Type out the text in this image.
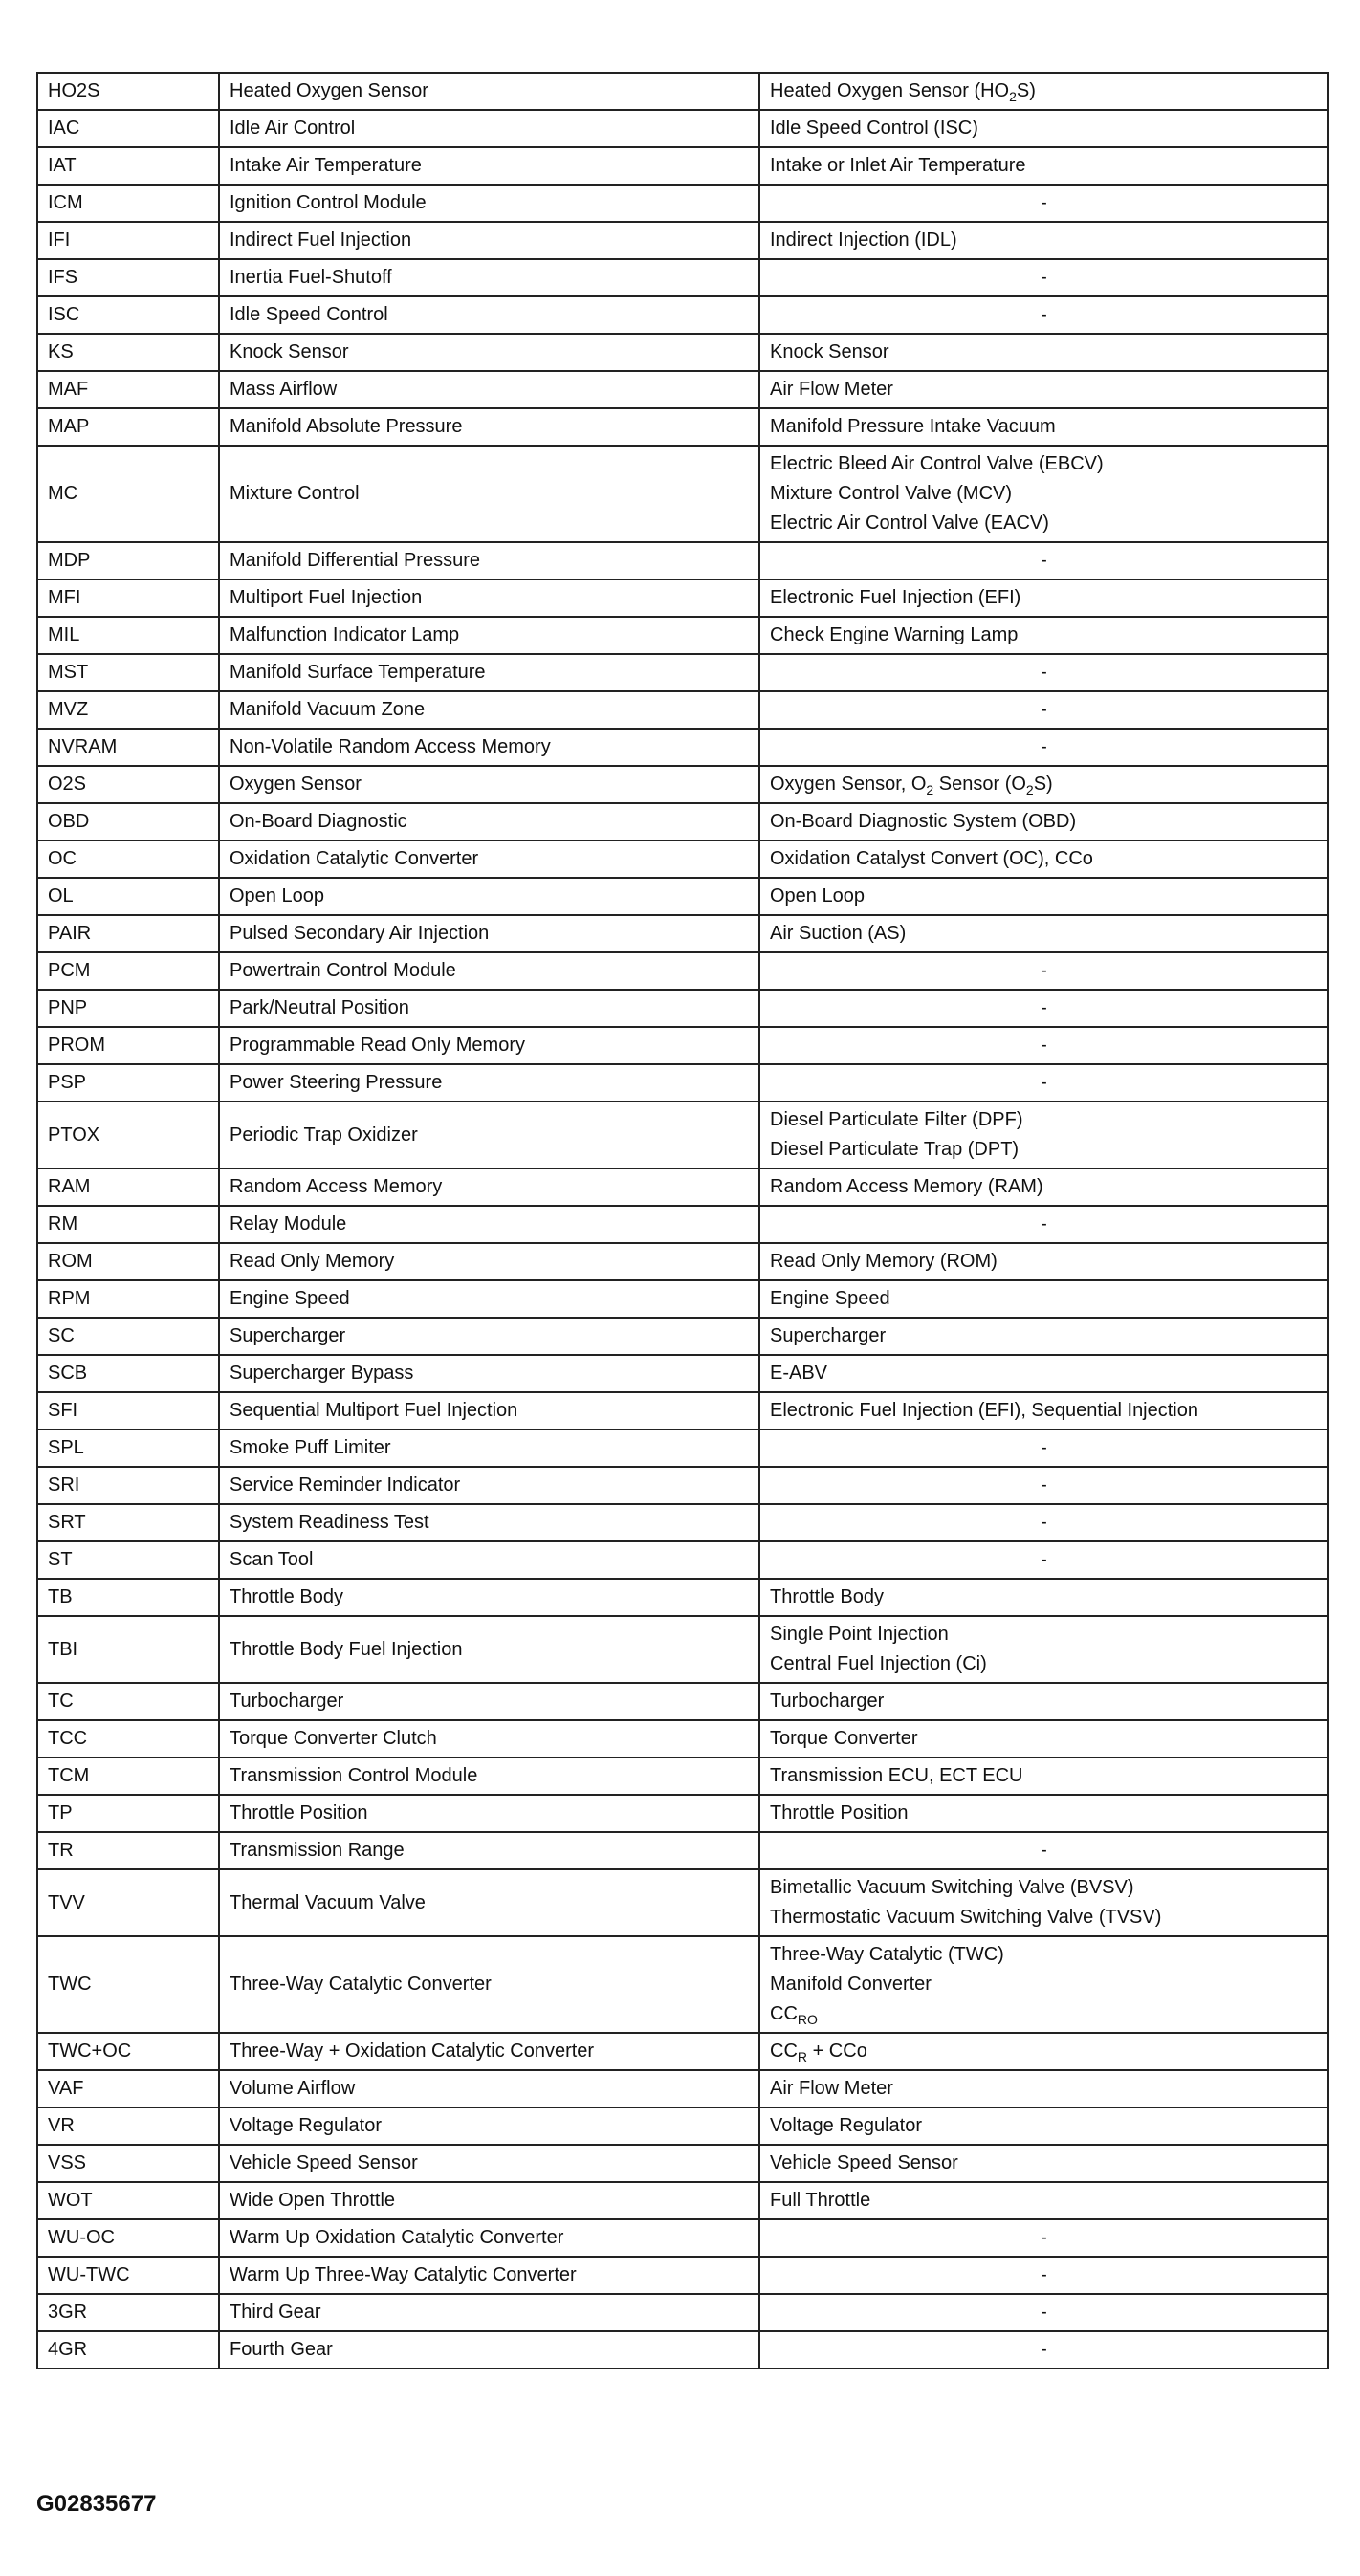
HO2S	Heated Oxygen Sensor	Heated Oxygen Sensor $(HO_2S)$
IAC	Idle Air Control	Idle Speed Control (ISC)
IAT	Intake Air Temperature	Intake or Inlet Air Temperature
ICM	Ignition Control Module	-
IFI	Indirect Fuel Injection	Indirect Injection (IDL)
IFS	Inertia Fuel-Shutoff	-
ISC	Idle Speed Control	-
KS	Knock Sensor	Knock Sensor
MAF	Mass Airflow	Air Flow Meter
MAP	Manifold Absolute Pressure	Manifold Pressure Intake Vacuum
MC	Mixture Control	Electric Bleed Air Control Valve (EBCV)
Mixture Control Valve (MCV)
Electric Air Control Valve (EACV)

MDP	Manifold Differential Pressure	-
MFI	Multiport Fuel Injection	Electronic Fuel Injection (EFI)
MIL	Malfunction Indicator Lamp	Check Engine Warning Lamp
MST	Manifold Surface Temperature	-
MVZ	Manifold Vacuum Zone	-
NVRAM	Non-Volatile Random Access Memory	-
O2S	Oxygen Sensor	Oxygen Sensor, $O_2$ Sensor $(O_2S)$
OBD	On-Board Diagnostic	On-Board Diagnostic System (OBD)
OC	Oxidation Catalytic Converter	Oxidation Catalyst Convert (OC), CCo
OL	Open Loop	Open Loop
PAIR	Pulsed Secondary Air Injection	Air Suction (AS)
PCM	Powertrain Control Module	-
PNP	Park/Neutral Position	-
PROM	Programmable Read Only Memory	-
PSP	Power Steering Pressure	-
PTOX	Periodic Trap Oxidizer	Diesel Particulate Filter (DPF)
Diesel Particulate Trap (DPT)

RAM	Random Access Memory	Random Access Memory (RAM)
RM	Relay Module	-
ROM	Read Only Memory	Read Only Memory (ROM)
RPM	Engine Speed	Engine Speed
SC	Supercharger	Supercharger
SCB	Supercharger Bypass	E-ABV
SFI	Sequential Multiport Fuel Injection	Electronic Fuel Injection (EFI), Sequential Injection
SPL	Smoke Puff Limiter	-
SRI	Service Reminder Indicator	-
SRT	System Readiness Test	-
ST	Scan Tool	-
TB	Throttle Body	Throttle Body
TBI	Throttle Body Fuel Injection	Single Point Injection
Central Fuel Injection (Ci)

TC	Turbocharger	Turbocharger
TCC	Torque Converter Clutch	Torque Converter
TCM	Transmission Control Module	Transmission ECU, ECT ECU
TP	Throttle Position	Throttle Position
TR	Transmission Range	-
TVV	Thermal Vacuum Valve	Bimetallic Vacuum Switching Valve (BVSV)
Thermostatic Vacuum Switching Valve (TVSV)

TWC	Three-Way Catalytic Converter	Three-Way Catalytic (TWC)
Manifold Converter
$CC_{RO}$

TWC+OC	Three-Way + Oxidation Catalytic Converter	$CC_R$ + CCo
VAF	Volume Airflow	Air Flow Meter
VR	Voltage Regulator	Voltage Regulator
VSS	Vehicle Speed Sensor	Vehicle Speed Sensor
WOT	Wide Open Throttle	Full Throttle
WU-OC	Warm Up Oxidation Catalytic Converter	-
WU-TWC	Warm Up Three-Way Catalytic Converter	-
3GR	Third Gear	-
4GR	Fourth Gear	-
G02835677
